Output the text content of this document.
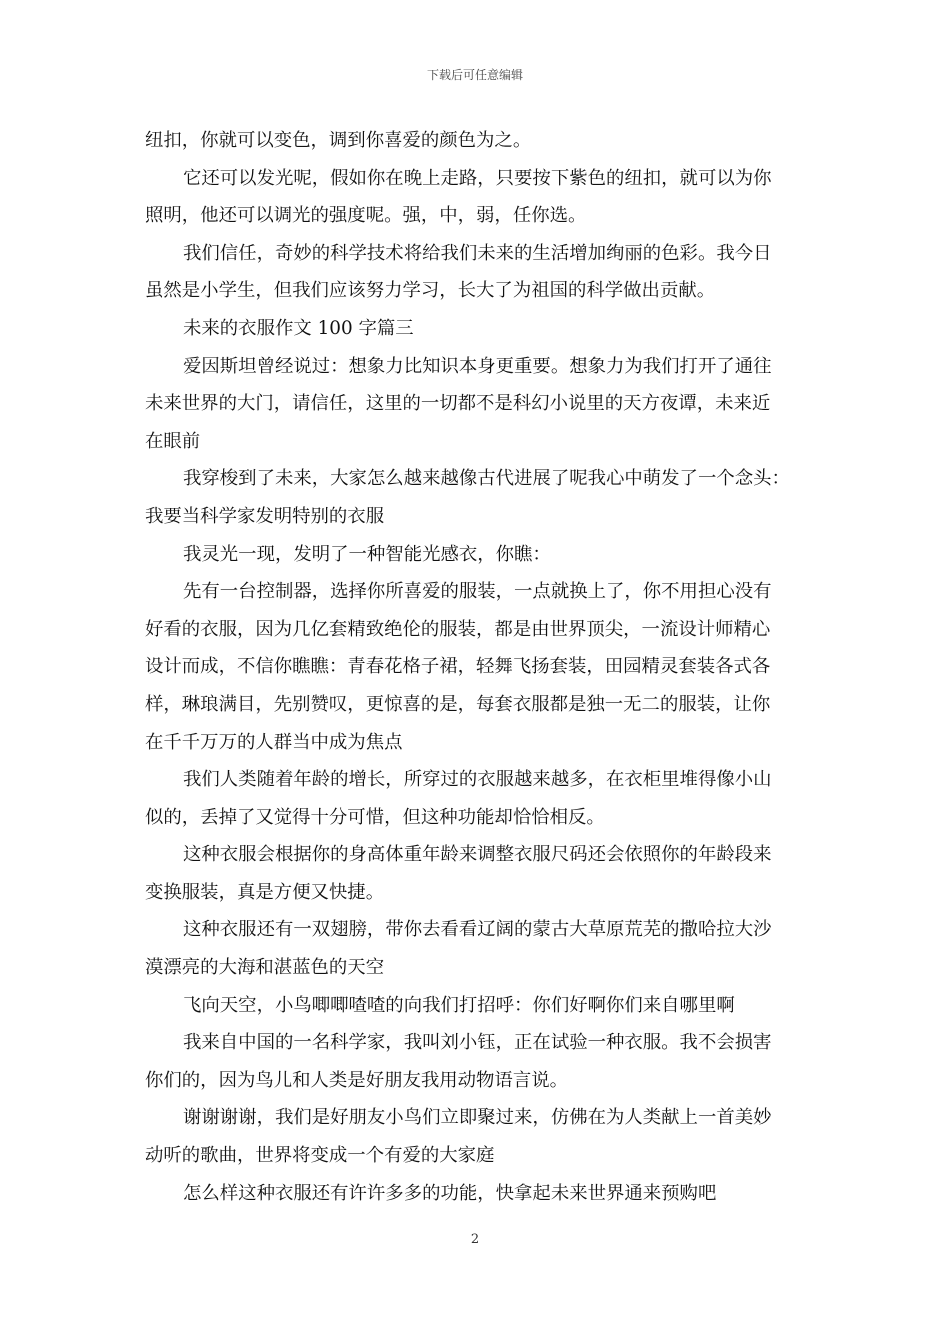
下载后可任意编辑

纽扣，你就可以变色，调到你喜爱的颜色为之。

它还可以发光呢，假如你在晚上走路，只要按下紫色的纽扣，就可以为你

照明，他还可以调光的强度呢。强，中，弱，任你选。

我们信任，奇妙的科学技术将给我们未来的生活增加绚丽的色彩。我今日

虽然是小学生，但我们应该努力学习，长大了为祖国的科学做出贡献。

未来的衣服作文 100 字篇三

爱因斯坦曾经说过：想象力比知识本身更重要。想象力为我们打开了通往

未来世界的大门，请信任，这里的一切都不是科幻小说里的天方夜谭，未来近

在眼前

我穿梭到了未来，大家怎么越来越像古代进展了呢我心中萌发了一个念头：

我要当科学家发明特别的衣服

我灵光一现，发明了一种智能光感衣，你瞧：

先有一台控制器，选择你所喜爱的服装，一点就换上了，你不用担心没有

好看的衣服，因为几亿套精致绝伦的服装，都是由世界顶尖，一流设计师精心

设计而成，不信你瞧瞧：青春花格子裙，轻舞飞扬套装，田园精灵套装各式各

样，琳琅满目，先别赞叹，更惊喜的是，每套衣服都是独一无二的服装，让你

在千千万万的人群当中成为焦点

我们人类随着年龄的增长，所穿过的衣服越来越多，在衣柜里堆得像小山

似的，丢掉了又觉得十分可惜，但这种功能却恰恰相反。

这种衣服会根据你的身高体重年龄来调整衣服尺码还会依照你的年龄段来

变换服装，真是方便又快捷。

这种衣服还有一双翅膀，带你去看看辽阔的蒙古大草原荒芜的撒哈拉大沙

漠漂亮的大海和湛蓝色的天空

飞向天空，小鸟唧唧喳喳的向我们打招呼：你们好啊你们来自哪里啊

我来自中国的一名科学家，我叫刘小钰，正在试验一种衣服。我不会损害

你们的，因为鸟儿和人类是好朋友我用动物语言说。

谢谢谢谢，我们是好朋友小鸟们立即聚过来，仿佛在为人类献上一首美妙

动听的歌曲，世界将变成一个有爱的大家庭

怎么样这种衣服还有许许多多的功能，快拿起未来世界通来预购吧

2
